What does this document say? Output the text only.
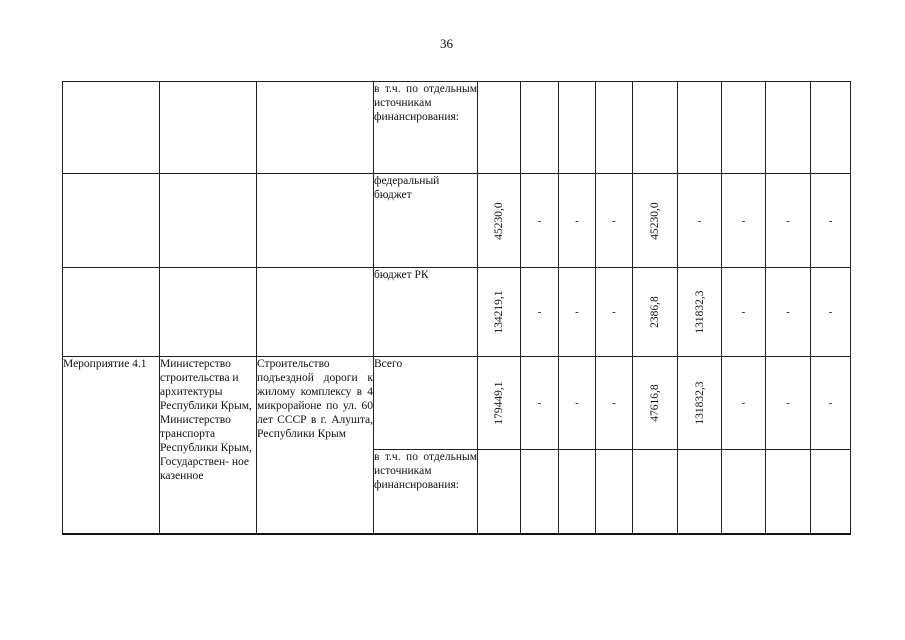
36
			в т.ч. по отдельным источникам финансирования:	

			федеральный бюджет	45230,0	-	-	-	45230,0	-	-	-	-

			бюджет РК	134219,1	-	-	-	2386,8	131832,3	-	-	-

Мероприятие 4.1	Министерство строительства и архитектуры Республики Крым, Министерство транспорта Республики Крым, Государствен- ное казенное	Строительство подъездной дороги к жилому комплексу в 4 микрорайоне по ул. 60 лет СССР в г. Алушта, Республики Крым	Всего	179449,1	-	-	-	47616,8	131832,3	-	-	-

			в т.ч. по отдельным источникам финансирования:	
